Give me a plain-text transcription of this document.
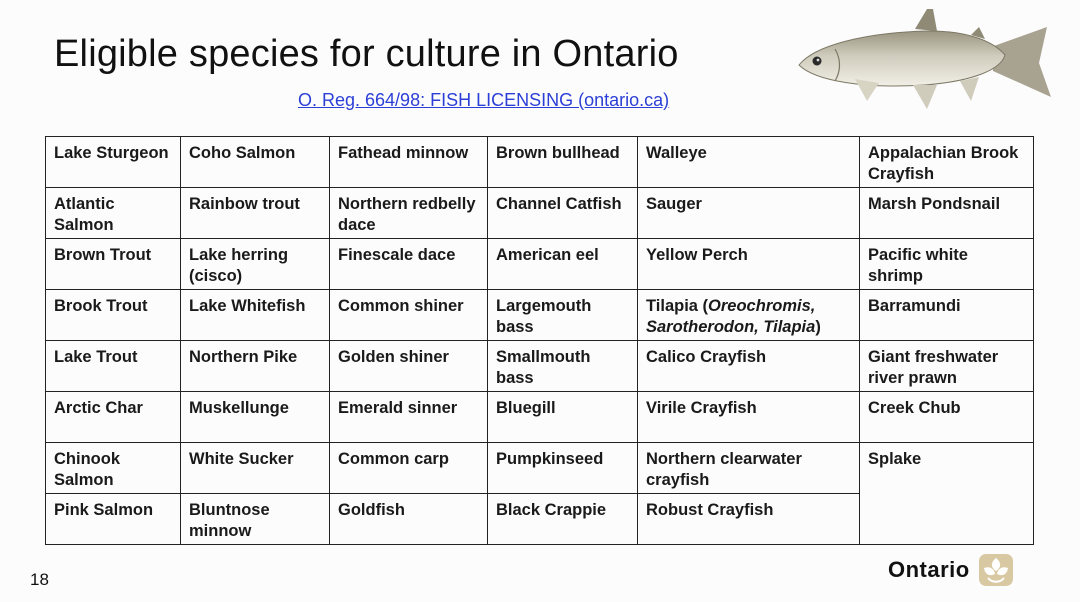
Eligible species for culture in Ontario
O. Reg. 664/98: FISH LICENSING (ontario.ca)
Lake Sturgeon	Coho Salmon	Fathead minnow	Brown bullhead	Walleye	Appalachian Brook Crayfish
Atlantic Salmon	Rainbow trout	Northern redbelly dace	Channel Catfish	Sauger	Marsh Pondsnail
Brown Trout	Lake herring (cisco)	Finescale dace	American eel	Yellow Perch	Pacific white shrimp
Brook Trout	Lake Whitefish	Common shiner	Largemouth bass	Tilapia (Oreochromis, Sarotherodon, Tilapia)	Barramundi
Lake Trout	Northern Pike	Golden shiner	Smallmouth bass	Calico Crayfish	Giant freshwater river prawn
Arctic Char	Muskellunge	Emerald sinner	Bluegill	Virile Crayfish	Creek Chub
Chinook Salmon	White Sucker	Common carp	Pumpkinseed	Northern clearwater crayfish	Splake
Pink Salmon	Bluntnose minnow	Goldfish	Black Crappie	Robust Crayfish	
18	Ontario
